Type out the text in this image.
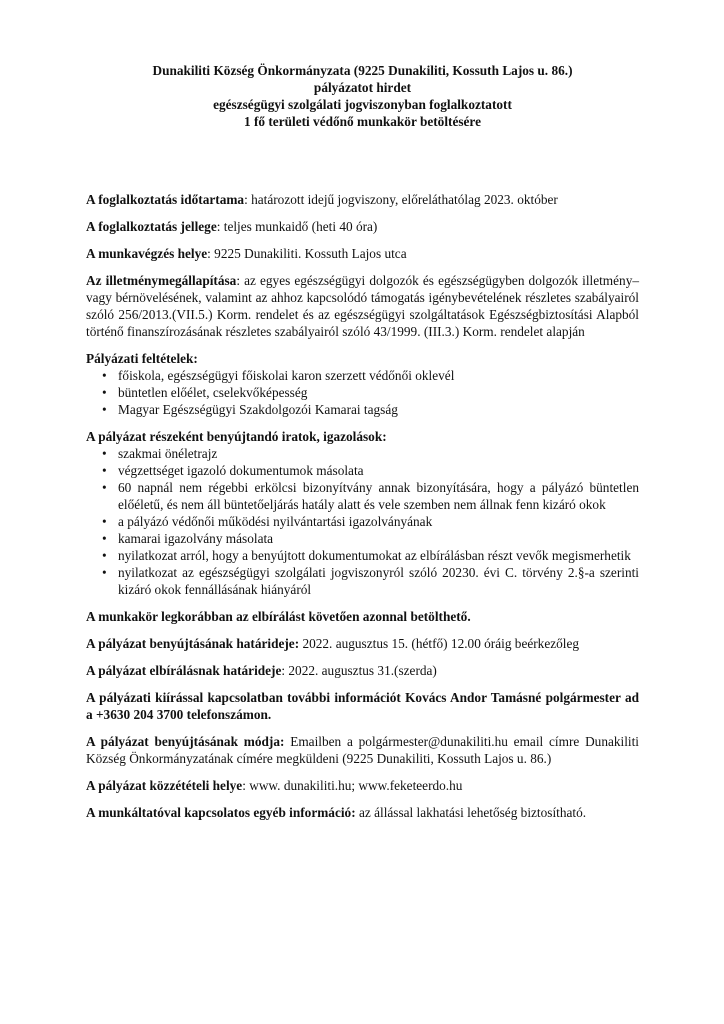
Dunakiliti Község Önkormányzata (9225 Dunakiliti, Kossuth Lajos u. 86.)
pályázatot hirdet
egészségügyi szolgálati jogviszonyban foglalkoztatott
1 fő területi védőnő munkakör betöltésére

A foglalkoztatás időtartama: határozott idejű jogviszony, előreláthatólag 2023. október

A foglalkoztatás jellege: teljes munkaidő (heti 40 óra)

A munkavégzés helye: 9225 Dunakiliti. Kossuth Lajos utca

Az illetménymegállapítása: az egyes egészségügyi dolgozók és egészségügyben dolgozók illetmény– vagy bérnövelésének, valamint az ahhoz kapcsolódó támogatás igénybevételének részletes szabályairól szóló 256/2013.(VII.5.) Korm. rendelet és az egészségügyi szolgáltatások Egészségbiztosítási Alapból történő finanszírozásának részletes szabályairól szóló 43/1999. (III.3.) Korm. rendelet alapján

Pályázati feltételek:
• főiskola, egészségügyi főiskolai karon szerzett védőnői oklevél
• büntetlen előélet, cselekvőképesség
• Magyar Egészségügyi Szakdolgozói Kamarai tagság
A pályázat részeként benyújtandó iratok, igazolások:
• szakmai önéletrajz
• végzettséget igazoló dokumentumok másolata
• 60 napnál nem régebbi erkölcsi bizonyítvány annak bizonyítására, hogy a pályázó büntetlen előéletű, és nem áll büntetőeljárás hatály alatt és vele szemben nem állnak fenn kizáró okok
• a pályázó védőnői működési nyilvántartási igazolványának
• kamarai igazolvány másolata
• nyilatkozat arról, hogy a benyújtott dokumentumokat az elbírálásban részt vevők megismerhetik
• nyilatkozat az egészségügyi szolgálati jogviszonyról szóló 20230. évi C. törvény 2.§-a szerinti kizáró okok fennállásának hiányáról

A munkakör legkorábban az elbírálást követően azonnal betölthető.

A pályázat benyújtásának határideje: 2022. augusztus 15. (hétfő) 12.00 óráig beérkezőleg

A pályázat elbírálásnak határideje: 2022. augusztus 31.(szerda)

A pályázati kiírással kapcsolatban további információt Kovács Andor Tamásné polgármester ad a +3630 204 3700 telefonszámon.

A pályázat benyújtásának módja: Emailben a polgármester@dunakiliti.hu email címre Dunakiliti Község Önkormányzatának címére megküldeni (9225 Dunakiliti, Kossuth Lajos u. 86.)

A pályázat közzétételi helye: www. dunakiliti.hu; www.feketeerdo.hu

A munkáltatóval kapcsolatos egyéb információ: az állással lakhatási lehetőség biztosítható.
